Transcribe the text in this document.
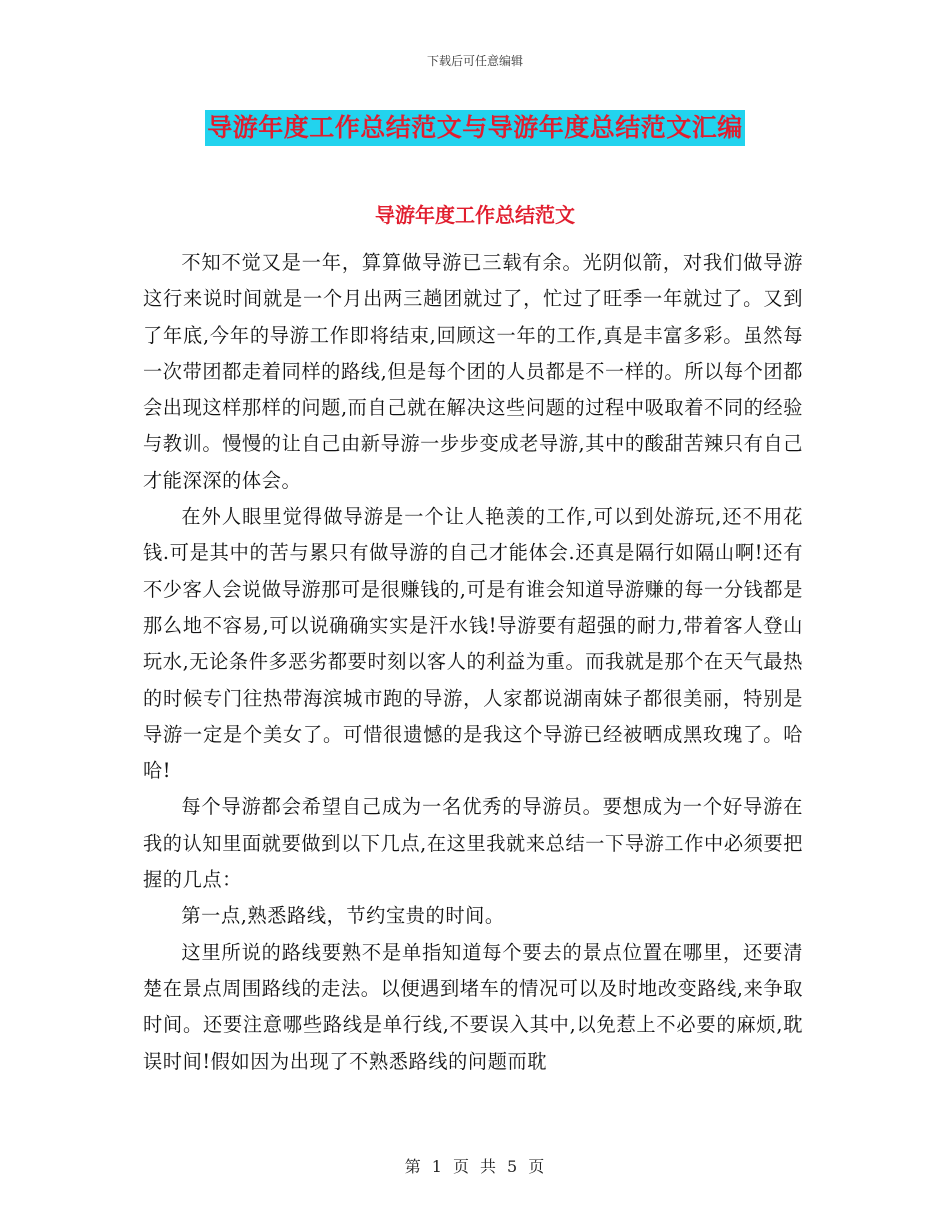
下载后可任意编辑
导游年度工作总结范文与导游年度总结范文汇编
导游年度工作总结范文

不知不觉又是一年，算算做导游已三载有余。光阴似箭，对我们做导游这行来说时间就是一个月出两三趟团就过了，忙过了旺季一年就过了。又到了年底,今年的导游工作即将结束,回顾这一年的工作,真是丰富多彩。虽然每一次带团都走着同样的路线,但是每个团的人员都是不一样的。所以每个团都会出现这样那样的问题,而自己就在解决这些问题的过程中吸取着不同的经验与教训。慢慢的让自己由新导游一步步变成老导游,其中的酸甜苦辣只有自己才能深深的体会。

在外人眼里觉得做导游是一个让人艳羡的工作,可以到处游玩,还不用花钱.可是其中的苦与累只有做导游的自己才能体会.还真是隔行如隔山啊!还有不少客人会说做导游那可是很赚钱的,可是有谁会知道导游赚的每一分钱都是那么地不容易,可以说确确实实是汗水钱!导游要有超强的耐力,带着客人登山玩水,无论条件多恶劣都要时刻以客人的利益为重。而我就是那个在天气最热的时候专门往热带海滨城市跑的导游，人家都说湖南妹子都很美丽，特别是导游一定是个美女了。可惜很遗憾的是我这个导游已经被晒成黑玫瑰了。哈哈!

每个导游都会希望自己成为一名优秀的导游员。要想成为一个好导游在我的认知里面就要做到以下几点,在这里我就来总结一下导游工作中必须要把握的几点：

第一点,熟悉路线，节约宝贵的时间。

这里所说的路线要熟不是单指知道每个要去的景点位置在哪里，还要清楚在景点周围路线的走法。以便遇到堵车的情况可以及时地改变路线,来争取时间。还要注意哪些路线是单行线,不要误入其中,以免惹上不必要的麻烦,耽误时间!假如因为出现了不熟悉路线的问题而耽

第 1 页 共 5 页
